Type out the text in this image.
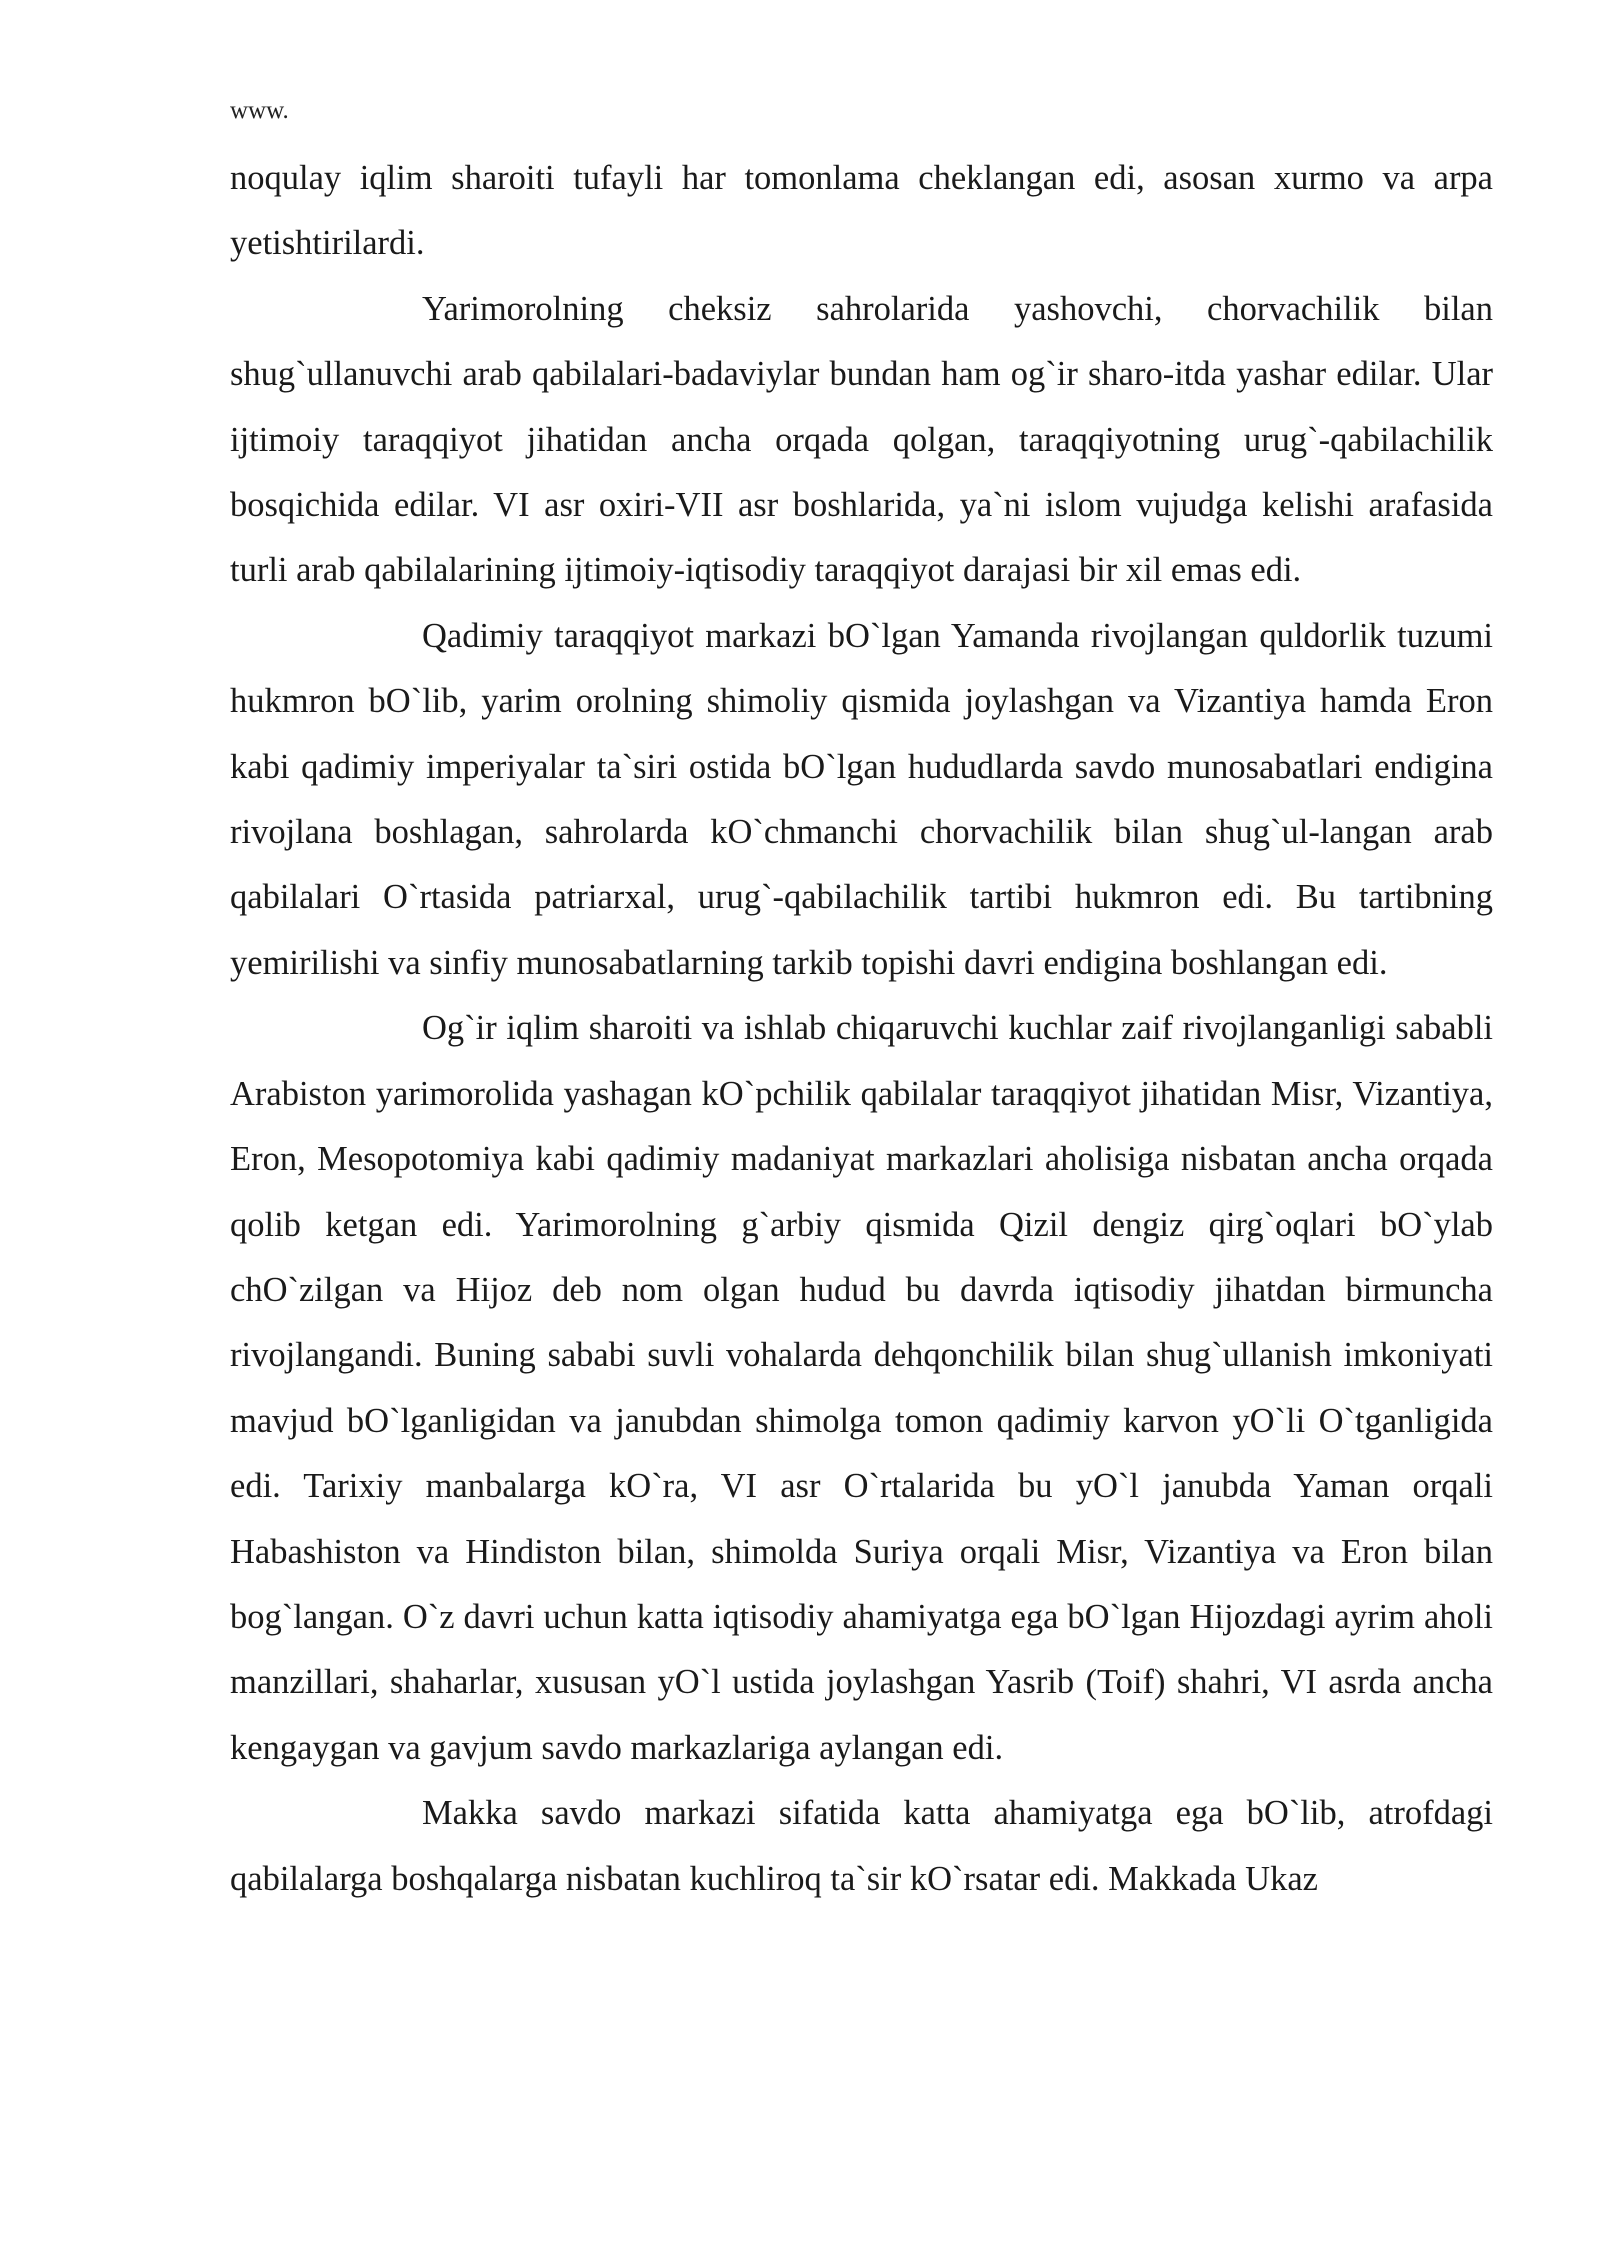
www.

noqulay iqlim sharoiti tufayli har tomonlama cheklangan edi, asosan xurmo va arpa yetishtirilardi.

Yarimorolning cheksiz sahrolarida yashovchi, chorvachilik bilan shug`ullanuvchi arab qabilalari-badaviylar bundan ham og`ir sharo-itda yashar edilar. Ular ijtimoiy taraqqiyot jihatidan ancha orqada qolgan, taraqqiyotning urug`-qabilachilik bosqichida edilar. VI asr oxiri-VII asr boshlarida, ya`ni islom vujudga kelishi arafasida turli arab qabilalarining ijtimoiy-iqtisodiy taraqqiyot darajasi bir xil emas edi.

Qadimiy taraqqiyot markazi bO`lgan Yamanda rivojlangan quldorlik tuzumi hukmron bO`lib, yarim orolning shimoliy qismida joylashgan va Vizantiya hamda Eron kabi qadimiy imperiyalar ta`siri ostida bO`lgan hududlarda savdo munosabatlari endigina rivojlana boshlagan, sahrolarda kO`chmanchi chorvachilik bilan shug`ul-langan arab qabilalari O`rtasida patriarxal, urug`-qabilachilik tartibi hukmron edi. Bu tartibning yemirilishi va sinfiy munosabatlarning tarkib topishi davri endigina boshlangan edi.

Og`ir iqlim sharoiti va ishlab chiqaruvchi kuchlar zaif rivojlanganligi sababli Arabiston yarimorolida yashagan kO`pchilik qabilalar taraqqiyot jihatidan Misr, Vizantiya, Eron, Mesopotomiya kabi qadimiy madaniyat markazlari aholisiga nisbatan ancha orqada qolib ketgan edi. Yarimorolning g`arbiy qismida Qizil dengiz qirg`oqlari bO`ylab chO`zilgan va Hijoz deb nom olgan hudud bu davrda iqtisodiy jihatdan birmuncha rivojlangandi. Buning sababi suvli vohalarda dehqonchilik bilan shug`ullanish imkoniyati mavjud bO`lganligidan va janubdan shimolga tomon qadimiy karvon yO`li O`tganligida edi. Tarixiy manbalarga kO`ra, VI asr O`rtalarida bu yO`l janubda Yaman orqali Habashiston va Hindiston bilan, shimolda Suriya orqali Misr, Vizantiya va Eron bilan bog`langan. O`z davri uchun katta iqtisodiy ahamiyatga ega bO`lgan Hijozdagi ayrim aholi manzillari, shaharlar, xususan yO`l ustida joylashgan Yasrib (Toif) shahri, VI asrda ancha kengaygan va gavjum savdo markazlariga aylangan edi.

Makka savdo markazi sifatida katta ahamiyatga ega bO`lib, atrofdagi qabilalarga boshqalarga nisbatan kuchliroq ta`sir kO`rsatar edi. Makkada Ukaz
